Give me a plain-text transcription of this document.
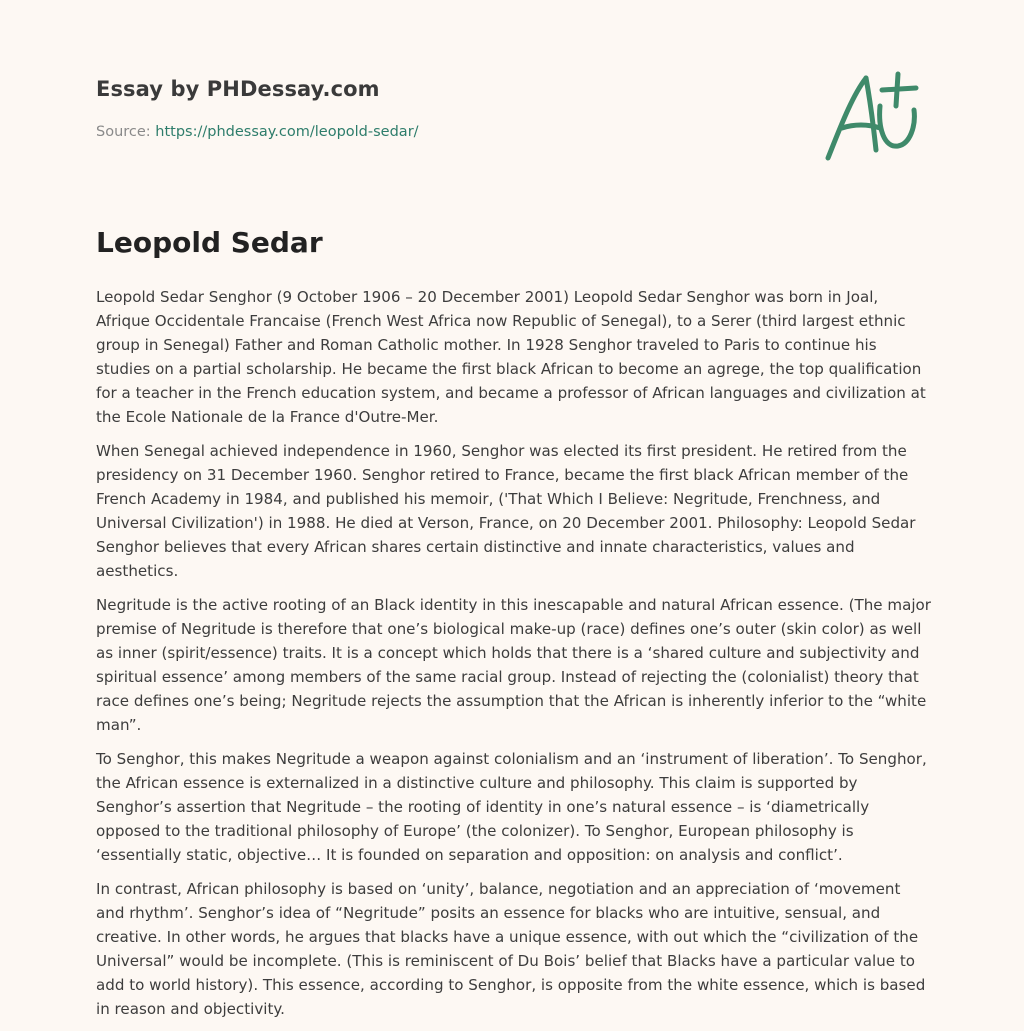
Essay by PHDessay.com
Source: https://phdessay.com/leopold-sedar/
Leopold Sedar

Leopold Sedar Senghor (9 October 1906 – 20 December 2001) Leopold Sedar Senghor was born in Joal, Afrique Occidentale Francaise (French West Africa now Republic of Senegal), to a Serer (third largest ethnic group in Senegal) Father and Roman Catholic mother. In 1928 Senghor traveled to Paris to continue his studies on a partial scholarship. He became the first black African to become an agrege, the top qualification for a teacher in the French education system, and became a professor of African languages and civilization at the Ecole Nationale de la France d'Outre-Mer.

When Senegal achieved independence in 1960, Senghor was elected its first president. He retired from the presidency on 31 December 1960. Senghor retired to France, became the first black African member of the French Academy in 1984, and published his memoir, ('That Which I Believe: Negritude, Frenchness, and Universal Civilization') in 1988. He died at Verson, France, on 20 December 2001. Philosophy: Leopold Sedar Senghor believes that every African shares certain distinctive and innate characteristics, values and aesthetics.

Negritude is the active rooting of an Black identity in this inescapable and natural African essence. (The major premise of Negritude is therefore that one’s biological make-up (race) defines one’s outer (skin color) as well as inner (spirit/essence) traits. It is a concept which holds that there is a ‘shared culture and subjectivity and spiritual essence’ among members of the same racial group. Instead of rejecting the (colonialist) theory that race defines one’s being; Negritude rejects the assumption that the African is inherently inferior to the “white man”.

To Senghor, this makes Negritude a weapon against colonialism and an ‘instrument of liberation’. To Senghor, the African essence is externalized in a distinctive culture and philosophy. This claim is supported by Senghor’s assertion that Negritude – the rooting of identity in one’s natural essence – is ‘diametrically opposed to the traditional philosophy of Europe’ (the colonizer). To Senghor, European philosophy is ‘essentially static, objective… It is founded on separation and opposition: on analysis and conflict’.

In contrast, African philosophy is based on ‘unity’, balance, negotiation and an appreciation of ‘movement and rhythm’. Senghor’s idea of “Negritude” posits an essence for blacks who are intuitive, sensual, and creative. In other words, he argues that blacks have a unique essence, with out which the “civilization of the Universal” would be incomplete. (This is reminiscent of Du Bois’ belief that Blacks have a particular value to add to world history). This essence, according to Senghor, is opposite from the white essence, which is based in reason and objectivity.
